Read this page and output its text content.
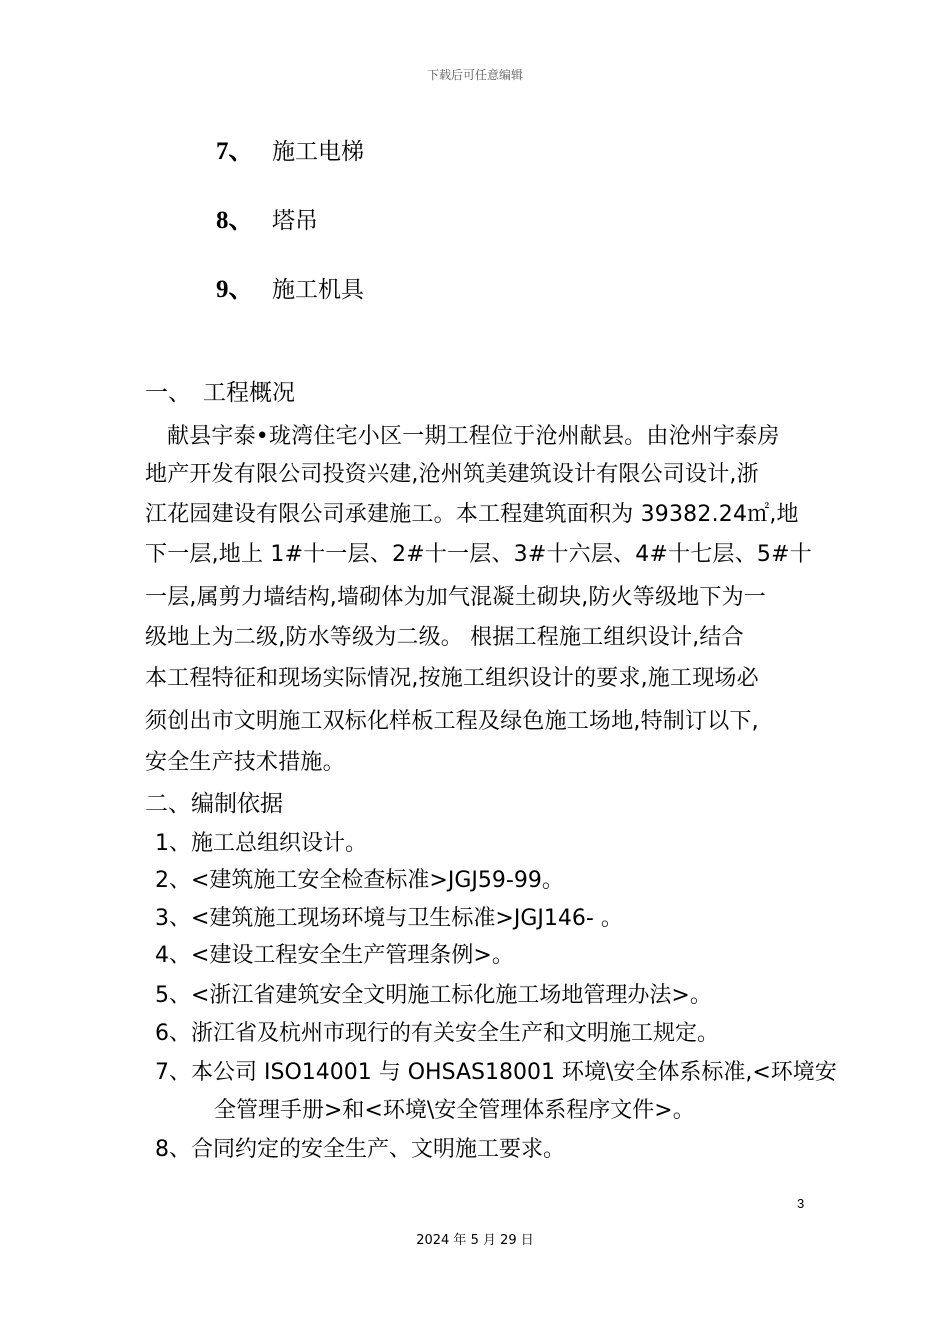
下载后可任意编辑
7、 施工电梯
8、 塔吊
9、 施工机具
一、 工程概况
献县宇泰•珑湾住宅小区一期工程位于沧州献县。由沧州宇泰房
地产开发有限公司投资兴建,沧州筑美建筑设计有限公司设计,浙
江花园建设有限公司承建施工。本工程建筑面积为 39382.24㎡,地
下一层,地上 1#十一层、2#十一层、3#十六层、4#十七层、5#十
一层,属剪力墙结构,墙砌体为加气混凝土砌块,防火等级地下为一
级地上为二级,防水等级为二级。 根据工程施工组织设计,结合
本工程特征和现场实际情况,按施工组织设计的要求,施工现场必
须创出市文明施工双标化样板工程及绿色施工场地,特制订以下,
安全生产技术措施。
二、编制依据
1、施工总组织设计。
2、<建筑施工安全检查标准>JGJ59-99。
3、<建筑施工现场环境与卫生标准>JGJ146- 。
4、<建设工程安全生产管理条例>。
5、<浙江省建筑安全文明施工标化施工场地管理办法>。
6、浙江省及杭州市现行的有关安全生产和文明施工规定。
7、本公司 ISO14001 与 OHSAS18001 环境\安全体系标准,<环境安
全管理手册>和<环境\安全管理体系程序文件>。
8、合同约定的安全生产、文明施工要求。
3
2024 年 5 月 29 日
